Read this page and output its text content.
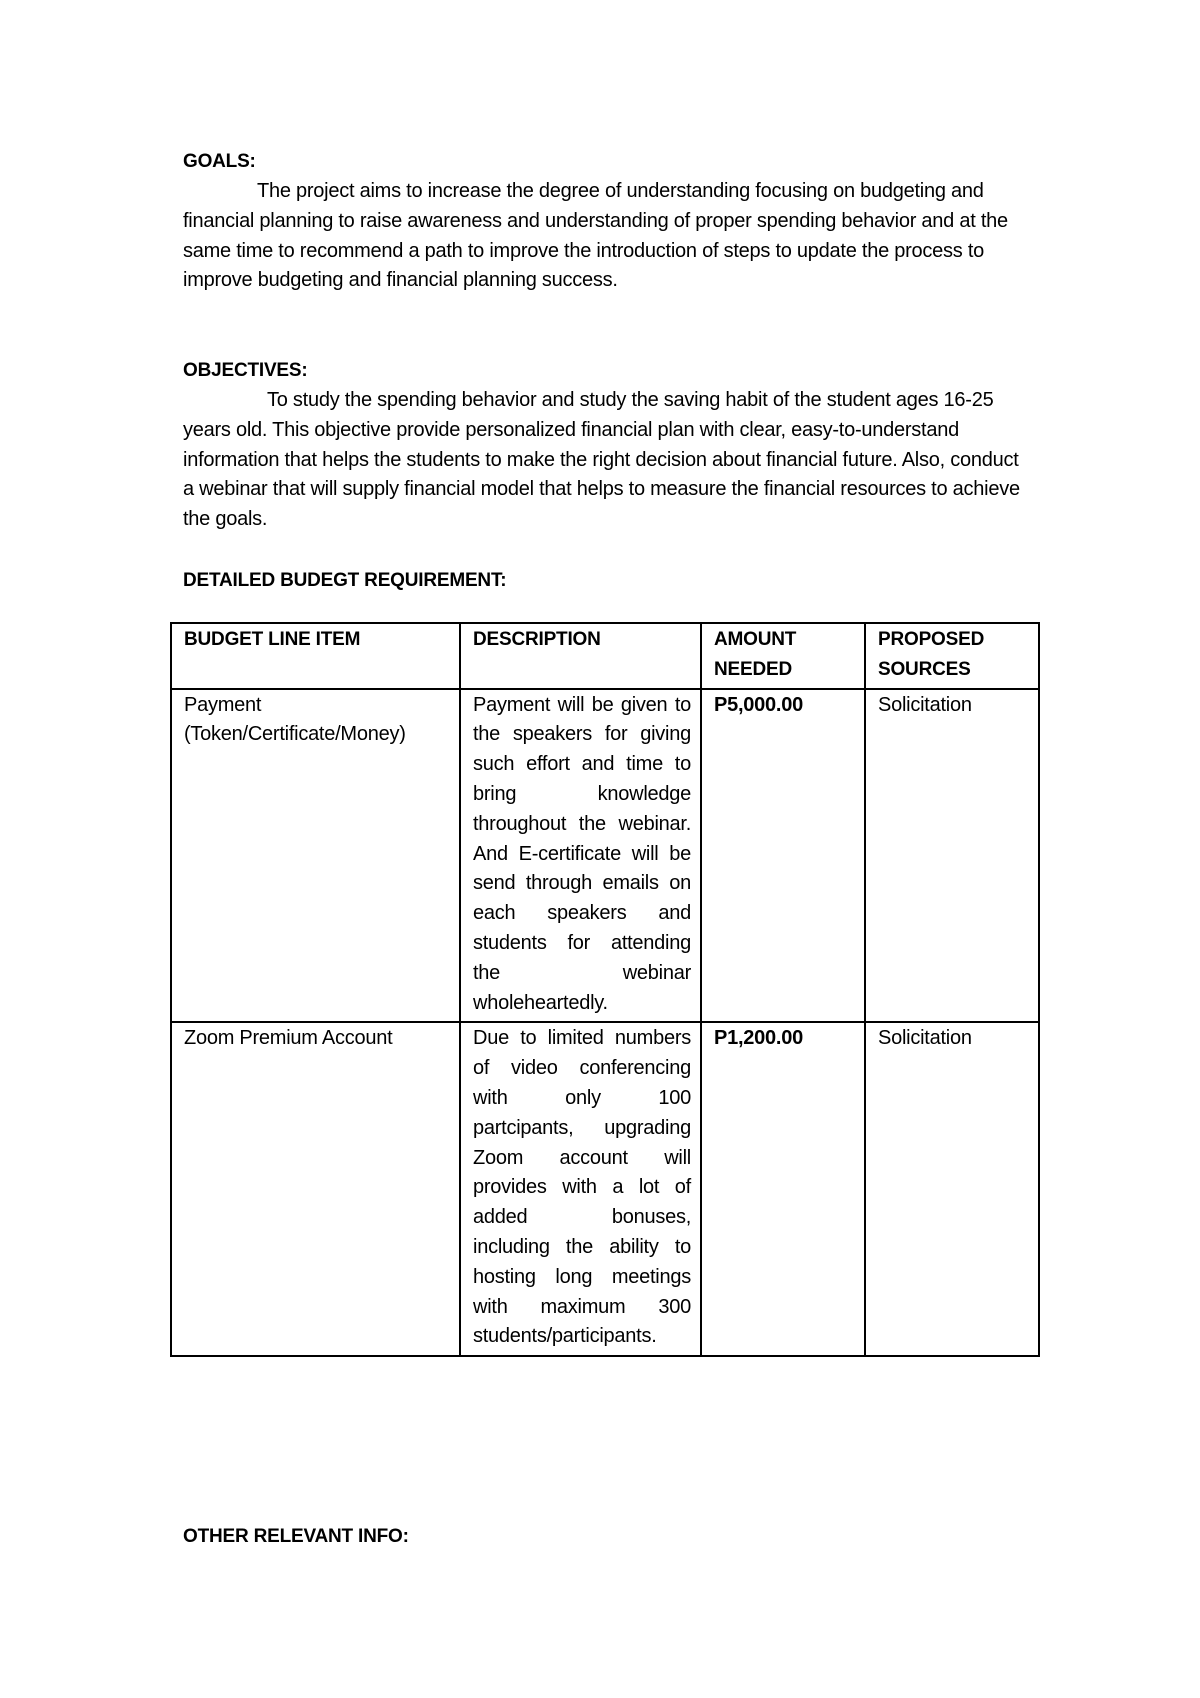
GOALS:

The project aims to increase the degree of understanding focusing on budgeting and financial planning to raise awareness and understanding of proper spending behavior and at the same time to recommend a path to improve the introduction of steps to update the process to improve budgeting and financial planning success.

OBJECTIVES:

To study the spending behavior and study the saving habit of the student ages 16-25 years old. This objective provide personalized financial plan with clear, easy-to-understand information that helps the students to make the right decision about financial future. Also, conduct a webinar that will supply financial model that helps to measure the financial resources to achieve the goals.

DETAILED BUDEGT REQUIREMENT:

BUDGET LINE ITEM	DESCRIPTION	AMOUNT NEEDED	PROPOSED SOURCES
Payment (Token/Certificate/Money)	Payment will be given to the speakers for giving such effort and time to bring knowledge throughout the webinar. And E-certificate will be send through emails on each speakers and students for attending the webinar wholeheartedly.	P5,000.00	Solicitation
Zoom Premium Account	Due to limited numbers of video conferencing with only 100 partcipants, upgrading Zoom account will provides with a lot of added bonuses, including the ability to hosting long meetings with maximum 300 students/participants.	P1,200.00	Solicitation

OTHER RELEVANT INFO:
